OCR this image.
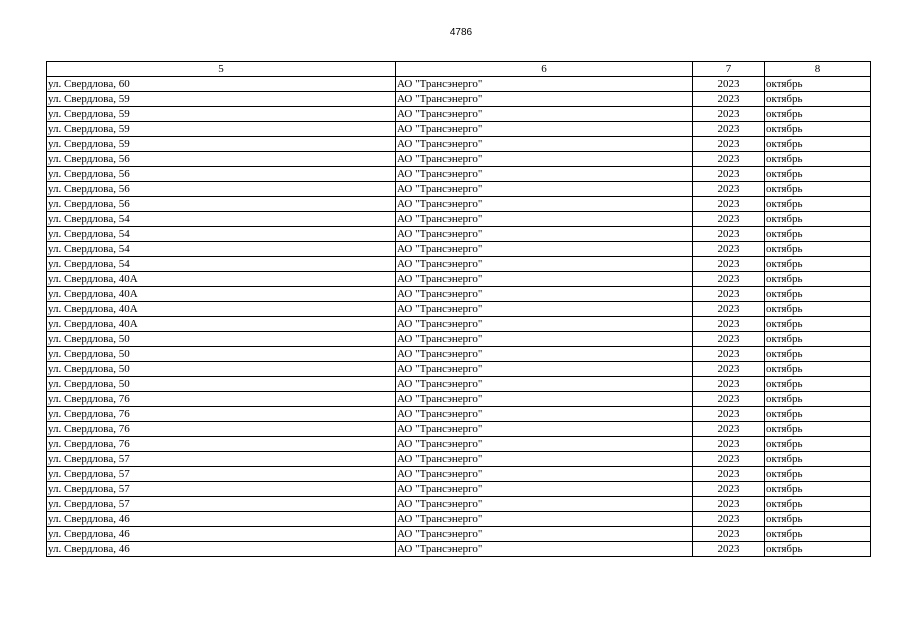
4786
5	6	7	8
ул. Свердлова, 60	АО "Трансэнерго"	2023	октябрь
ул. Свердлова, 59	АО "Трансэнерго"	2023	октябрь
ул. Свердлова, 59	АО "Трансэнерго"	2023	октябрь
ул. Свердлова, 59	АО "Трансэнерго"	2023	октябрь
ул. Свердлова, 59	АО "Трансэнерго"	2023	октябрь
ул. Свердлова, 56	АО "Трансэнерго"	2023	октябрь
ул. Свердлова, 56	АО "Трансэнерго"	2023	октябрь
ул. Свердлова, 56	АО "Трансэнерго"	2023	октябрь
ул. Свердлова, 56	АО "Трансэнерго"	2023	октябрь
ул. Свердлова, 54	АО "Трансэнерго"	2023	октябрь
ул. Свердлова, 54	АО "Трансэнерго"	2023	октябрь
ул. Свердлова, 54	АО "Трансэнерго"	2023	октябрь
ул. Свердлова, 54	АО "Трансэнерго"	2023	октябрь
ул. Свердлова, 40А	АО "Трансэнерго"	2023	октябрь
ул. Свердлова, 40А	АО "Трансэнерго"	2023	октябрь
ул. Свердлова, 40А	АО "Трансэнерго"	2023	октябрь
ул. Свердлова, 40А	АО "Трансэнерго"	2023	октябрь
ул. Свердлова, 50	АО "Трансэнерго"	2023	октябрь
ул. Свердлова, 50	АО "Трансэнерго"	2023	октябрь
ул. Свердлова, 50	АО "Трансэнерго"	2023	октябрь
ул. Свердлова, 50	АО "Трансэнерго"	2023	октябрь
ул. Свердлова, 76	АО "Трансэнерго"	2023	октябрь
ул. Свердлова, 76	АО "Трансэнерго"	2023	октябрь
ул. Свердлова, 76	АО "Трансэнерго"	2023	октябрь
ул. Свердлова, 76	АО "Трансэнерго"	2023	октябрь
ул. Свердлова, 57	АО "Трансэнерго"	2023	октябрь
ул. Свердлова, 57	АО "Трансэнерго"	2023	октябрь
ул. Свердлова, 57	АО "Трансэнерго"	2023	октябрь
ул. Свердлова, 57	АО "Трансэнерго"	2023	октябрь
ул. Свердлова, 46	АО "Трансэнерго"	2023	октябрь
ул. Свердлова, 46	АО "Трансэнерго"	2023	октябрь
ул. Свердлова, 46	АО "Трансэнерго"	2023	октябрь
